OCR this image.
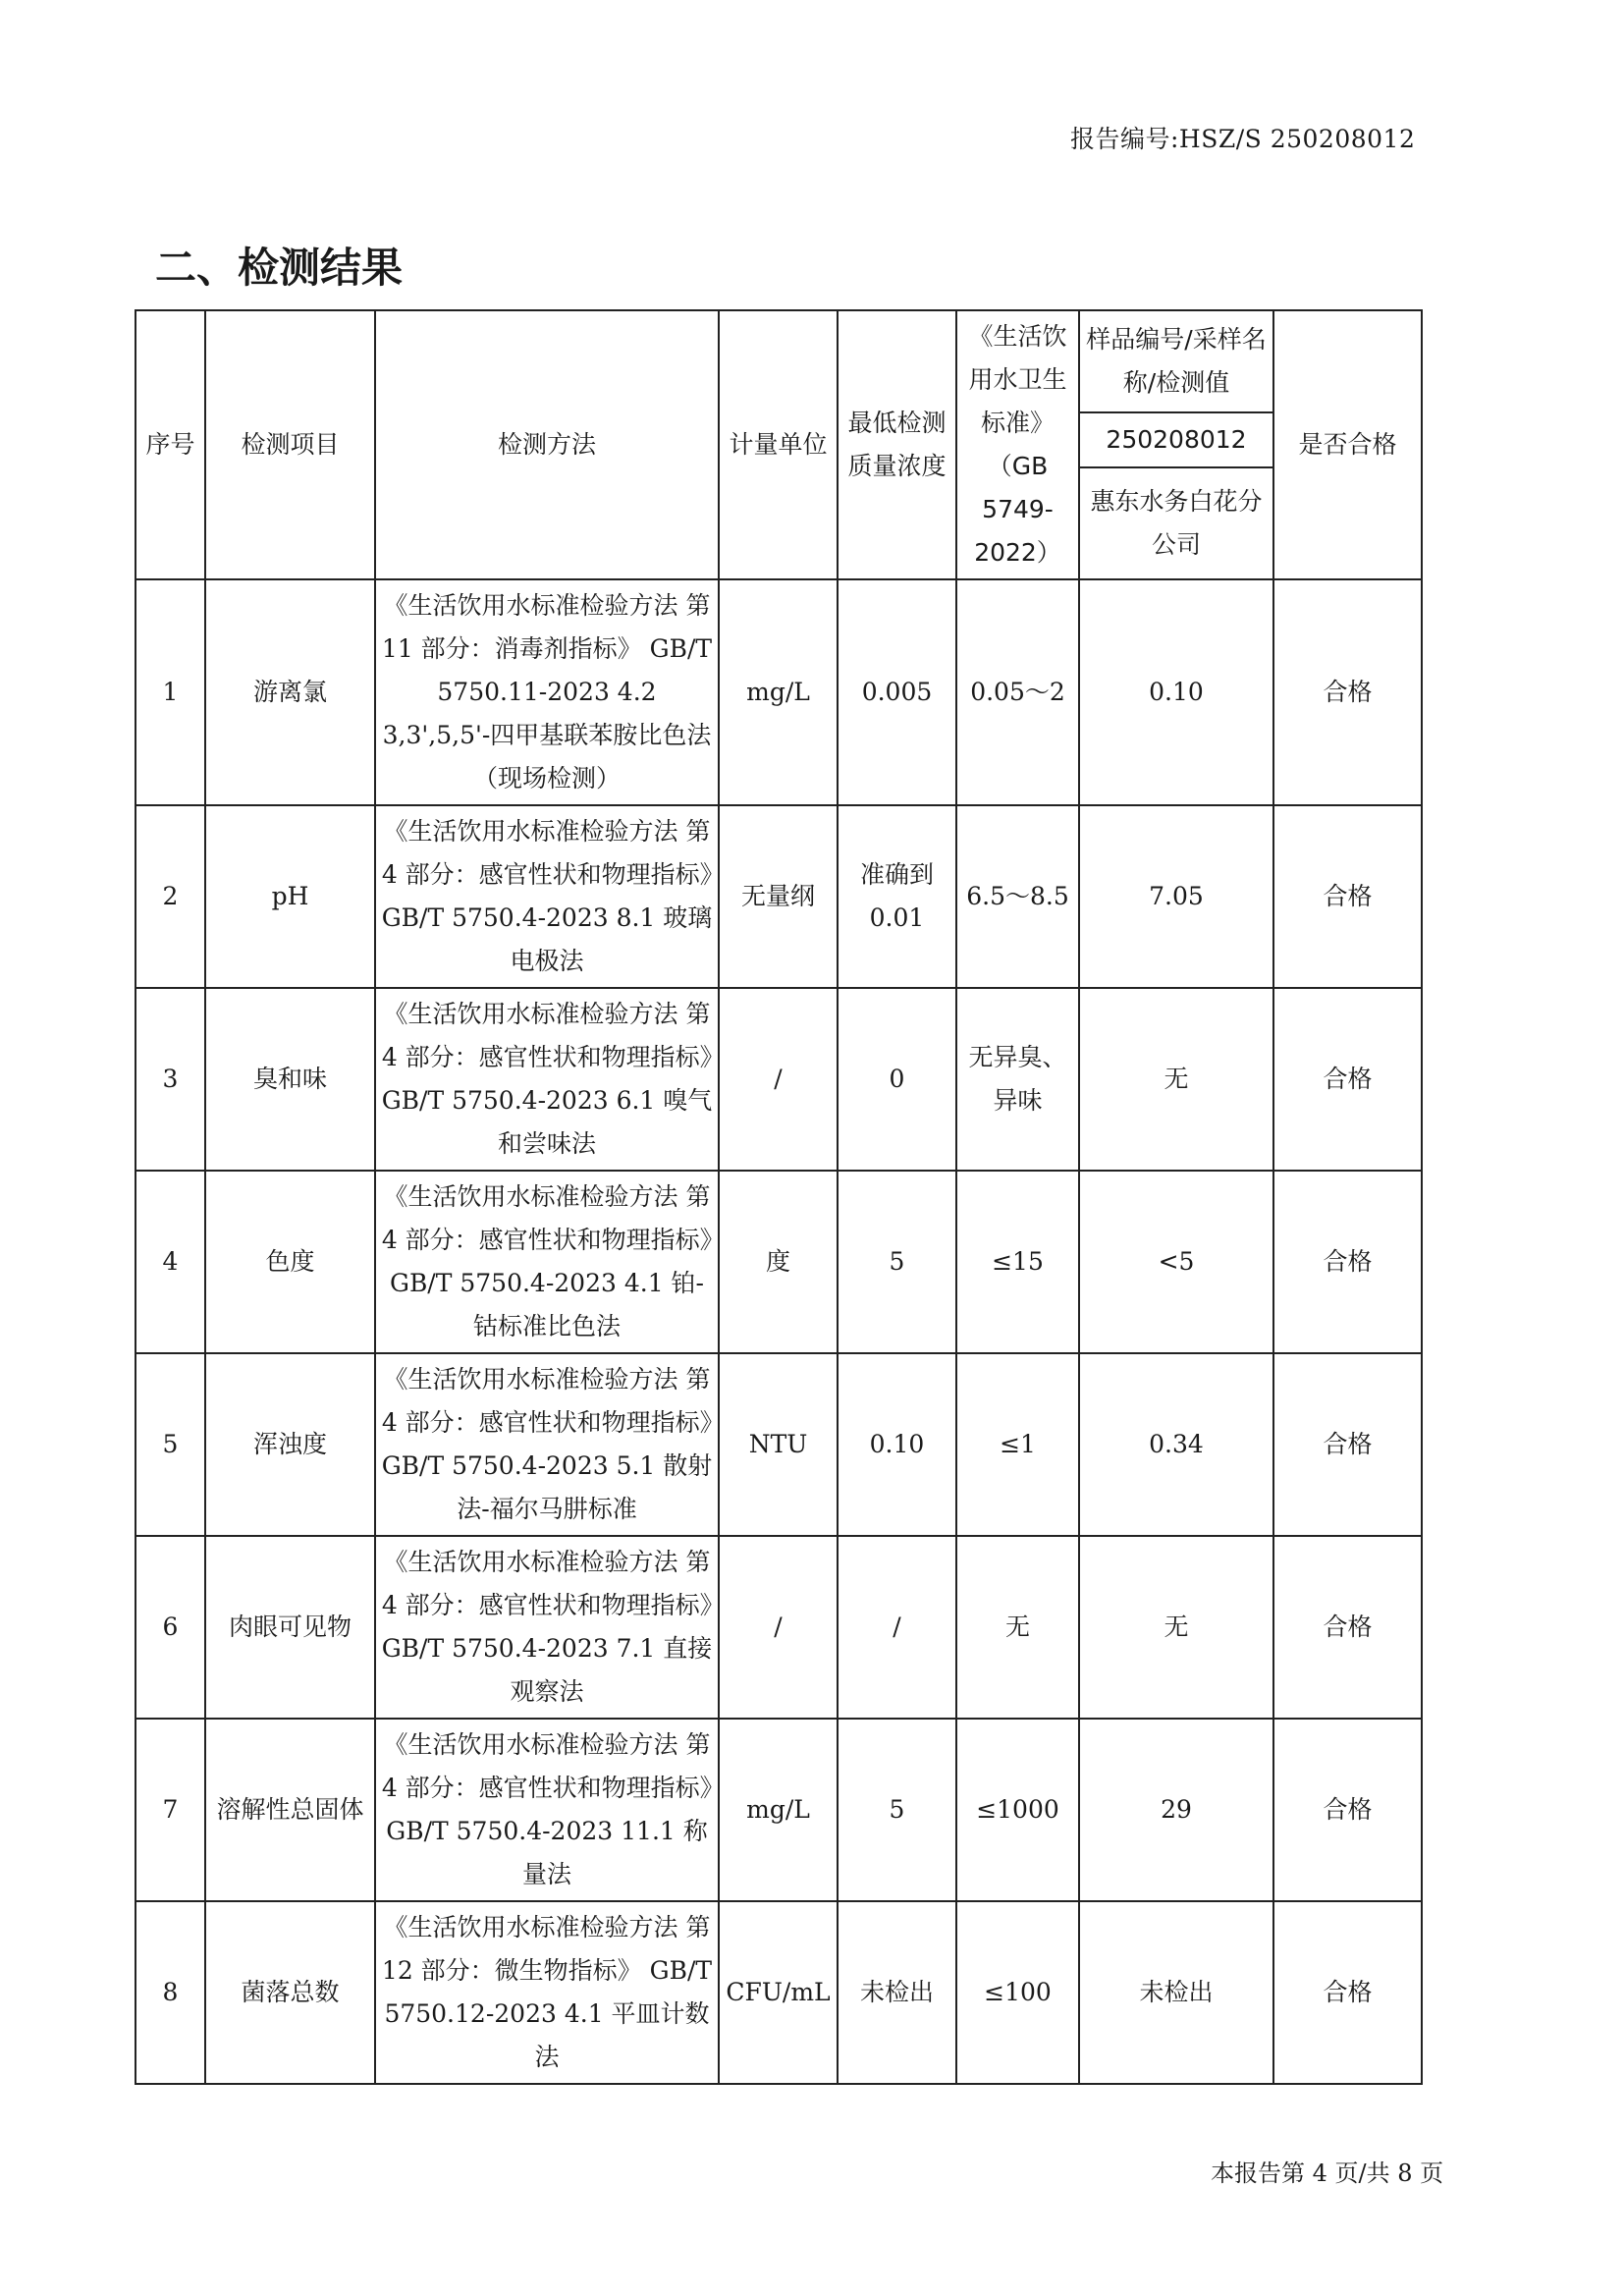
报告编号:HSZ/S 250208012
二、检测结果
序号	检测项目	检测方法	计量单位	最低检测质量浓度	《生活饮用水卫生标准》（GB 5749-2022）	样品编号/采样名称/检测值	是否合格
						250208012	
						惠东水务白花分公司	
1	游离氯	《生活饮用水标准检验方法 第 11 部分：消毒剂指标》 GB/T 5750.11-2023 4.2 3,3',5,5'-四甲基联苯胺比色法（现场检测）	mg/L	0.005	0.05～2	0.10	合格
2	pH	《生活饮用水标准检验方法 第 4 部分：感官性状和物理指标》GB/T 5750.4-2023 8.1 玻璃电极法	无量纲	准确到 0.01	6.5～8.5	7.05	合格
3	臭和味	《生活饮用水标准检验方法 第 4 部分：感官性状和物理指标》GB/T 5750.4-2023 6.1 嗅气和尝味法	/	0	无异臭、异味	无	合格
4	色度	《生活饮用水标准检验方法 第 4 部分：感官性状和物理指标》GB/T 5750.4-2023 4.1 铂-钴标准比色法	度	5	≤15	<5	合格
5	浑浊度	《生活饮用水标准检验方法 第 4 部分：感官性状和物理指标》GB/T 5750.4-2023 5.1 散射法-福尔马肼标准	NTU	0.10	≤1	0.34	合格
6	肉眼可见物	《生活饮用水标准检验方法 第 4 部分：感官性状和物理指标》GB/T 5750.4-2023 7.1 直接观察法	/	/	无	无	合格
7	溶解性总固体	《生活饮用水标准检验方法 第 4 部分：感官性状和物理指标》GB/T 5750.4-2023 11.1 称量法	mg/L	5	≤1000	29	合格
8	菌落总数	《生活饮用水标准检验方法 第 12 部分：微生物指标》 GB/T 5750.12-2023 4.1 平皿计数法	CFU/mL	未检出	≤100	未检出	合格
本报告第 4 页/共 8 页
